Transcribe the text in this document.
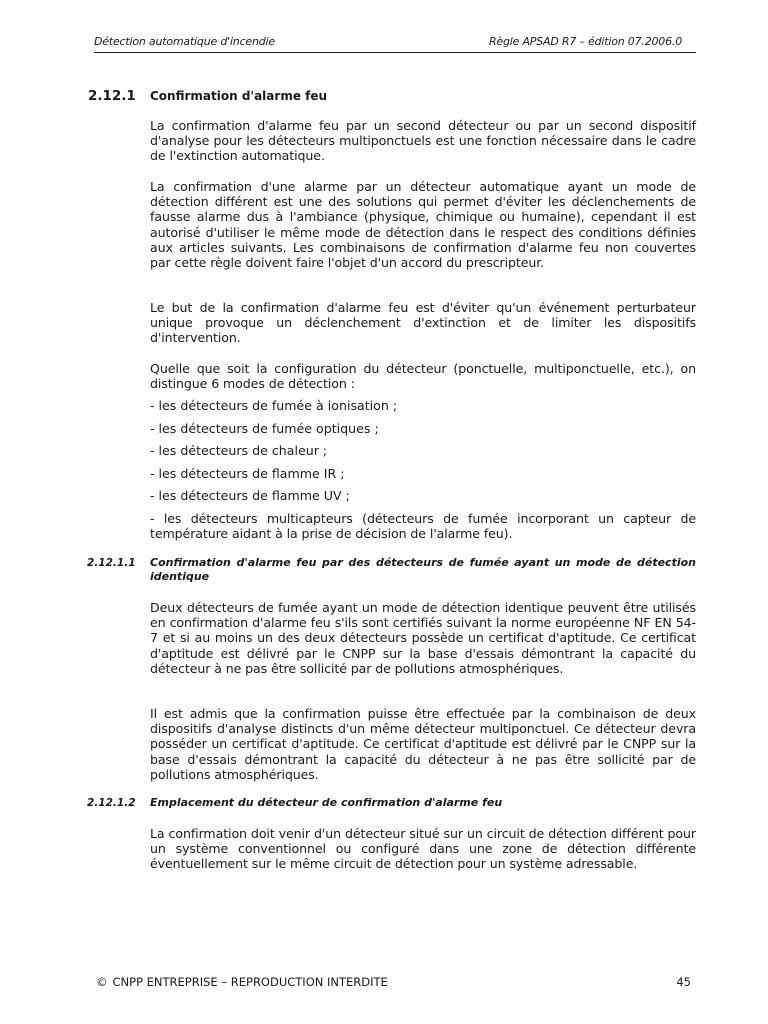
Détection automatique d'incendie	Règle APSAD R7 – édition 07.2006.0
2.12.1 Confirmation d'alarme feu

La confirmation d'alarme feu par un second détecteur ou par un second dispositif d'analyse pour les détecteurs multiponctuels est une fonction nécessaire dans le cadre de l'extinction automatique.

La confirmation d'une alarme par un détecteur automatique ayant un mode de détection différent est une des solutions qui permet d'éviter les déclenchements de fausse alarme dus à l'ambiance (physique, chimique ou humaine), cependant il est autorisé d'utiliser le même mode de détection dans le respect des conditions définies aux articles suivants. Les combinaisons de confirmation d'alarme feu non couvertes par cette règle doivent faire l'objet d'un accord du prescripteur.

Le but de la confirmation d'alarme feu est d'éviter qu'un événement perturbateur unique provoque un déclenchement d'extinction et de limiter les dispositifs d'intervention.

Quelle que soit la configuration du détecteur (ponctuelle, multiponctuelle, etc.), on distingue 6 modes de détection :

- les détecteurs de fumée à ionisation ;
- les détecteurs de fumée optiques ;
- les détecteurs de chaleur ;
- les détecteurs de flamme IR ;
- les détecteurs de flamme UV ;
- les détecteurs multicapteurs (détecteurs de fumée incorporant un capteur de température aidant à la prise de décision de l'alarme feu).
2.12.1.1 Confirmation d'alarme feu par des détecteurs de fumée ayant un mode de détection identique

Deux détecteurs de fumée ayant un mode de détection identique peuvent être utilisés en confirmation d'alarme feu s'ils sont certifiés suivant la norme européenne NF EN 54-7 et si au moins un des deux détecteurs possède un certificat d'aptitude. Ce certificat d'aptitude est délivré par le CNPP sur la base d'essais démontrant la capacité du détecteur à ne pas être sollicité par de pollutions atmosphériques.

Il est admis que la confirmation puisse être effectuée par la combinaison de deux dispositifs d'analyse distincts d'un même détecteur multiponctuel. Ce détecteur devra posséder un certificat d'aptitude. Ce certificat d'aptitude est délivré par le CNPP sur la base d'essais démontrant la capacité du détecteur à ne pas être sollicité par de pollutions atmosphériques.

2.12.1.2 Emplacement du détecteur de confirmation d'alarme feu

La confirmation doit venir d'un détecteur situé sur un circuit de détection différent pour un système conventionnel ou configuré dans une zone de détection différente éventuellement sur le même circuit de détection pour un système adressable.

© CNPP ENTREPRISE – REPRODUCTION INTERDITE	45
